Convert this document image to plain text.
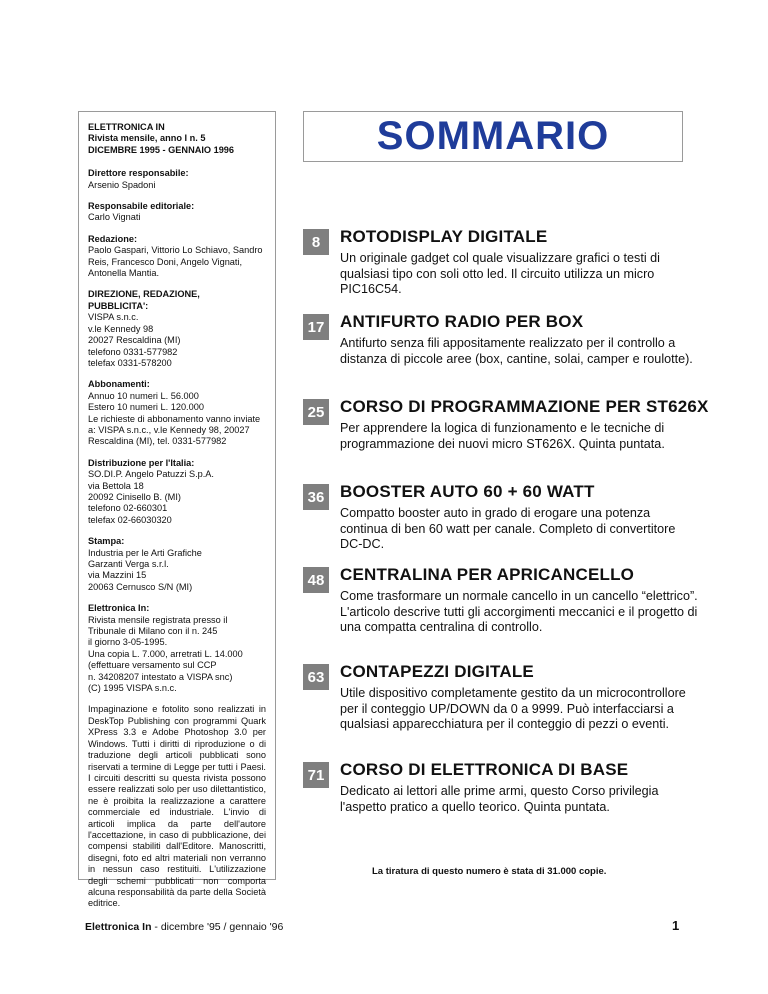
ELETTRONICA IN
Rivista mensile, anno I n. 5
DICEMBRE 1995 - GENNAIO 1996
Direttore responsabile:
Arsenio Spadoni
Responsabile editoriale:
Carlo Vignati
Redazione:
Paolo Gaspari, Vittorio Lo Schiavo, Sandro Reis, Francesco Doni, Angelo Vignati, Antonella Mantia.
DIREZIONE, REDAZIONE,
PUBBLICITA':
VISPA s.n.c.
v.le Kennedy 98
20027 Rescaldina (MI)
telefono 0331-577982
telefax 0331-578200
Abbonamenti:
Annuo 10 numeri L. 56.000
Estero 10 numeri L. 120.000
Le richieste di abbonamento vanno inviate a: VISPA s.n.c., v.le Kennedy 98, 20027 Rescaldina (MI), tel. 0331-577982
Distribuzione per l'Italia:
SO.DI.P. Angelo Patuzzi S.p.A.
via Bettola 18
20092 Cinisello B. (MI)
telefono 02-660301
telefax 02-66030320
Stampa:
Industria per le Arti Grafiche
Garzanti Verga s.r.l.
via Mazzini 15
20063 Cernusco S/N (MI)
Elettronica In:
Rivista mensile registrata presso il Tribunale di Milano con il n. 245
il giorno 3-05-1995.
Una copia L. 7.000, arretrati L. 14.000
(effettuare versamento sul CCP
n. 34208207 intestato a VISPA snc)
(C) 1995 VISPA s.n.c.
Impaginazione e fotolito sono realizzati in DeskTop Publishing con programmi Quark XPress 3.3 e Adobe Photoshop 3.0 per Windows. Tutti i diritti di riproduzione o di traduzione degli articoli pubblicati sono riservati a termine di Legge per tutti i Paesi. I circuiti descritti su questa rivista possono essere realizzati solo per uso dilettantistico, ne è proibita la realizzazione a carattere commerciale ed industriale. L'invio di articoli implica da parte dell'autore l'accettazione, in caso di pubblicazione, dei compensi stabiliti dall'Editore. Manoscritti, disegni, foto ed altri materiali non verranno in nessun caso restituiti. L'utilizzazione degli schemi pubblicati non comporta alcuna responsabilità da parte della Società editrice.
SOMMARIO
8	ROTODISPLAY DIGITALE
Un originale gadget col quale visualizzare grafici o testi di qualsiasi tipo con soli otto led. Il circuito utilizza un micro PIC16C54.
17 ANTIFURTO RADIO PER BOX
Antifurto senza fili appositamente realizzato per il controllo a distanza di piccole aree (box, cantine, solai, camper e roulotte).
25 CORSO DI PROGRAMMAZIONE PER ST626X
Per apprendere la logica di funzionamento e le tecniche di programmazione dei nuovi micro ST626X. Quinta puntata.
36 BOOSTER AUTO 60 + 60 WATT
Compatto booster auto in grado di erogare una potenza continua di ben 60 watt per canale. Completo di convertitore DC-DC.
48 CENTRALINA PER APRICANCELLO
Come trasformare un normale cancello in un cancello “elettrico”. L'articolo descrive tutti gli accorgimenti meccanici e il progetto di una compatta centralina di controllo.
63 CONTAPEZZI DIGITALE
Utile dispositivo completamente gestito da un microcontrollore per il conteggio UP/DOWN da 0 a 9999. Può interfacciarsi a qualsiasi apparecchiatura per il conteggio di pezzi o eventi.
71 CORSO DI ELETTRONICA DI BASE
Dedicato ai lettori alle prime armi, questo Corso privilegia l'aspetto pratico a quello teorico. Quinta puntata.
La tiratura di questo numero è stata di 31.000 copie.
Elettronica In - dicembre '95 / gennaio '96	1
